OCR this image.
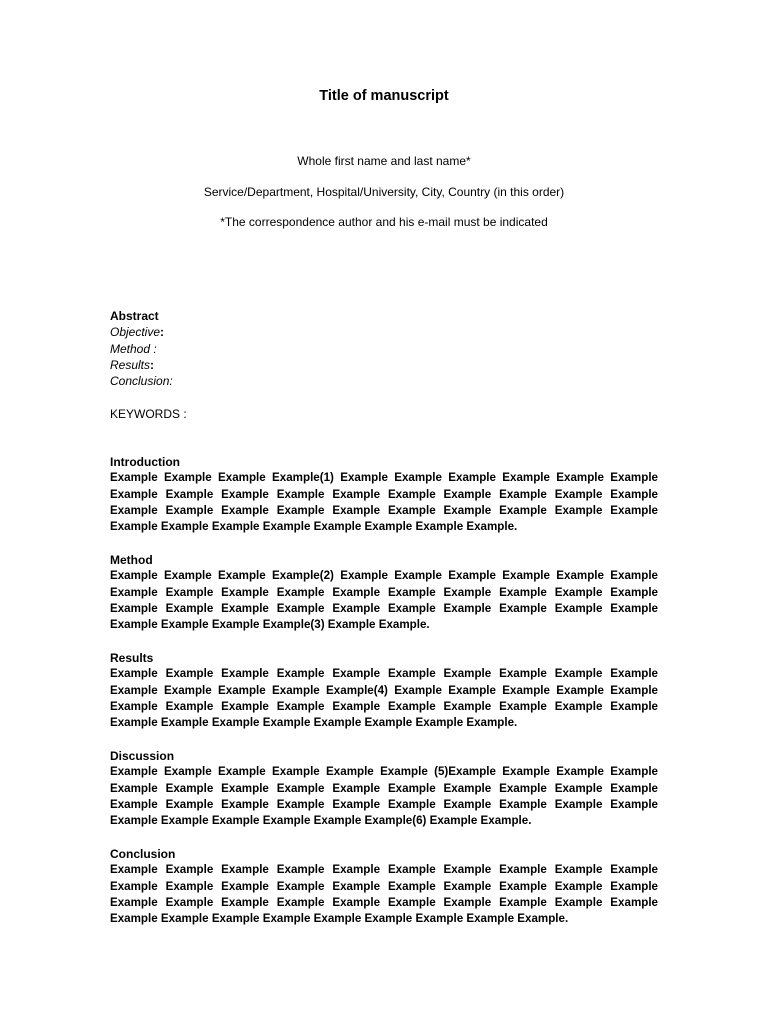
Title of manuscript
Whole first name and last name*
Service/Department, Hospital/University, City, Country (in this order)
*The correspondence author and his e-mail must be indicated
Abstract
Objective:
Method :
Results:
Conclusion:
KEYWORDS :
Introduction
Example Example Example Example(1) Example Example Example Example Example Example Example Example Example Example Example Example Example Example Example Example Example Example Example Example Example Example Example Example Example Example Example Example Example Example Example Example Example Example.
Method
Example Example Example Example(2) Example Example Example Example Example Example Example Example Example Example Example Example Example Example Example Example Example Example Example Example Example Example Example Example Example Example Example Example Example Example(3) Example Example.
Results
Example Example Example Example Example Example Example Example Example Example Example Example Example Example Example(4) Example Example Example Example Example Example Example Example Example Example Example Example Example Example Example Example Example Example Example Example Example Example Example.
Discussion
Example Example Example Example Example Example (5)Example Example Example Example Example Example Example Example Example Example Example Example Example Example Example Example Example Example Example Example Example Example Example Example Example Example Example Example Example Example(6) Example Example.
Conclusion
Example Example Example Example Example Example Example Example Example Example Example Example Example Example Example Example Example Example Example Example Example Example Example Example Example Example Example Example Example Example Example Example Example Example Example Example Example Example Example.
